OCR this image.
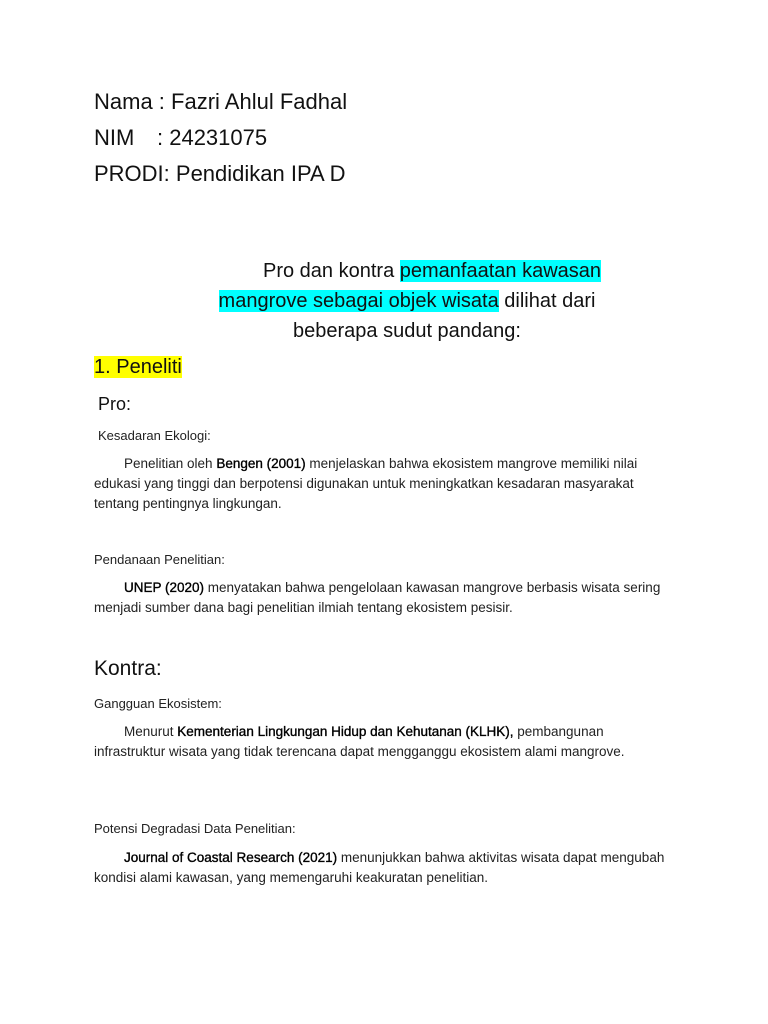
Nama : Fazri Ahlul Fadhal
NIM : 24231075
PRODI: Pendidikan IPA D
Pro dan kontra pemanfaatan kawasan
mangrove sebagai objek wisata dilihat dari
beberapa sudut pandang:
1. Peneliti
Pro:
Kesadaran Ekologi:
Penelitian oleh Bengen (2001) menjelaskan bahwa ekosistem mangrove memiliki nilai edukasi yang tinggi dan berpotensi digunakan untuk meningkatkan kesadaran masyarakat tentang pentingnya lingkungan.
Pendanaan Penelitian:
UNEP (2020) menyatakan bahwa pengelolaan kawasan mangrove berbasis wisata sering menjadi sumber dana bagi penelitian ilmiah tentang ekosistem pesisir.
Kontra:
Gangguan Ekosistem:
Menurut Kementerian Lingkungan Hidup dan Kehutanan (KLHK), pembangunan infrastruktur wisata yang tidak terencana dapat mengganggu ekosistem alami mangrove.
Potensi Degradasi Data Penelitian:
Journal of Coastal Research (2021) menunjukkan bahwa aktivitas wisata dapat mengubah kondisi alami kawasan, yang memengaruhi keakuratan penelitian.
